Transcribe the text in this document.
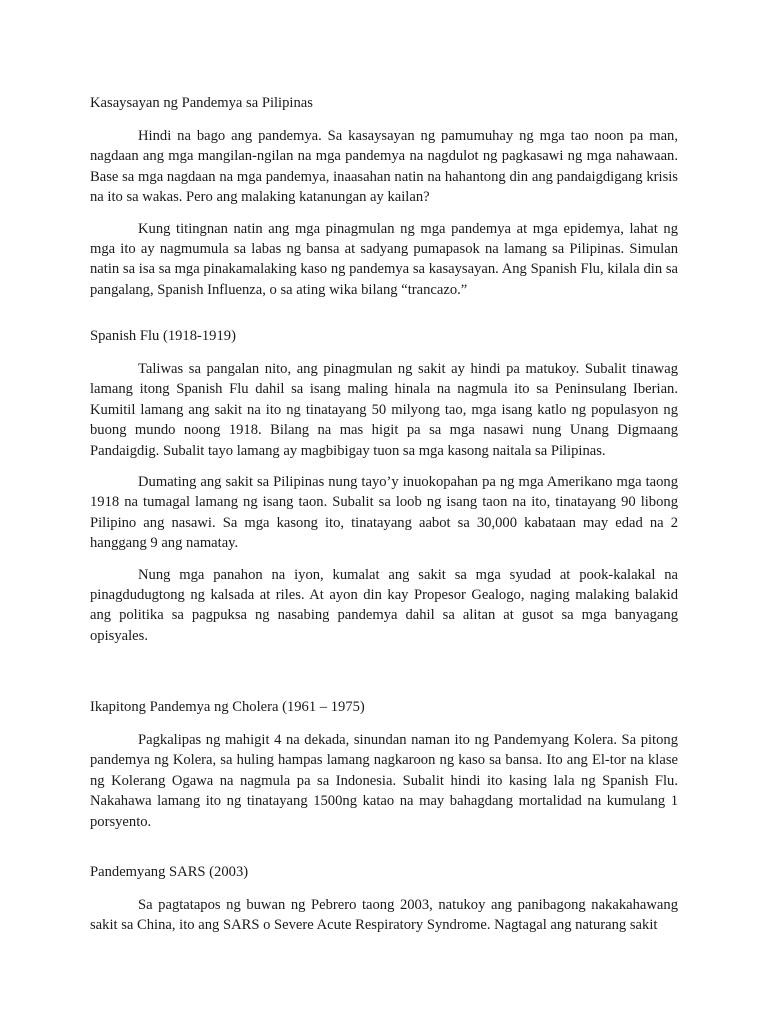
Kasaysayan ng Pandemya sa Pilipinas

Hindi na bago ang pandemya. Sa kasaysayan ng pamumuhay ng mga tao noon pa man, nagdaan ang mga mangilan-ngilan na mga pandemya na nagdulot ng pagkasawi ng mga nahawaan. Base sa mga nagdaan na mga pandemya, inaasahan natin na hahantong din ang pandaigdigang krisis na ito sa wakas. Pero ang malaking katanungan ay kailan?

Kung titingnan natin ang mga pinagmulan ng mga pandemya at mga epidemya, lahat ng mga ito ay nagmumula sa labas ng bansa at sadyang pumapasok na lamang sa Pilipinas. Simulan natin sa isa sa mga pinakamalaking kaso ng pandemya sa kasaysayan. Ang Spanish Flu, kilala din sa pangalang, Spanish Influenza, o sa ating wika bilang “trancazo.”

Spanish Flu (1918-1919)

Taliwas sa pangalan nito, ang pinagmulan ng sakit ay hindi pa matukoy. Subalit tinawag lamang itong Spanish Flu dahil sa isang maling hinala na nagmula ito sa Peninsulang Iberian. Kumitil lamang ang sakit na ito ng tinatayang 50 milyong tao, mga isang katlo ng populasyon ng buong mundo noong 1918. Bilang na mas higit pa sa mga nasawi nung Unang Digmaang Pandaigdig. Subalit tayo lamang ay magbibigay tuon sa mga kasong naitala sa Pilipinas.

Dumating ang sakit sa Pilipinas nung tayo’y inuokopahan pa ng mga Amerikano mga taong 1918 na tumagal lamang ng isang taon. Subalit sa loob ng isang taon na ito, tinatayang 90 libong Pilipino ang nasawi. Sa mga kasong ito, tinatayang aabot sa 30,000 kabataan may edad na 2 hanggang 9 ang namatay.

Nung mga panahon na iyon, kumalat ang sakit sa mga syudad at pook-kalakal na pinagdudugtong ng kalsada at riles. At ayon din kay Propesor Gealogo, naging malaking balakid ang politika sa pagpuksa ng nasabing pandemya dahil sa alitan at gusot sa mga banyagang opisyales.

Ikapitong Pandemya ng Cholera (1961 – 1975)

Pagkalipas ng mahigit 4 na dekada, sinundan naman ito ng Pandemyang Kolera. Sa pitong pandemya ng Kolera, sa huling hampas lamang nagkaroon ng kaso sa bansa. Ito ang El-tor na klase ng Kolerang Ogawa na nagmula pa sa Indonesia. Subalit hindi ito kasing lala ng Spanish Flu. Nakahawa lamang ito ng tinatayang 1500ng katao na may bahagdang mortalidad na kumulang 1 porsyento.

Pandemyang SARS (2003)

Sa pagtatapos ng buwan ng Pebrero taong 2003, natukoy ang panibagong nakakahawang sakit sa China, ito ang SARS o Severe Acute Respiratory Syndrome. Nagtagal ang naturang sakit
